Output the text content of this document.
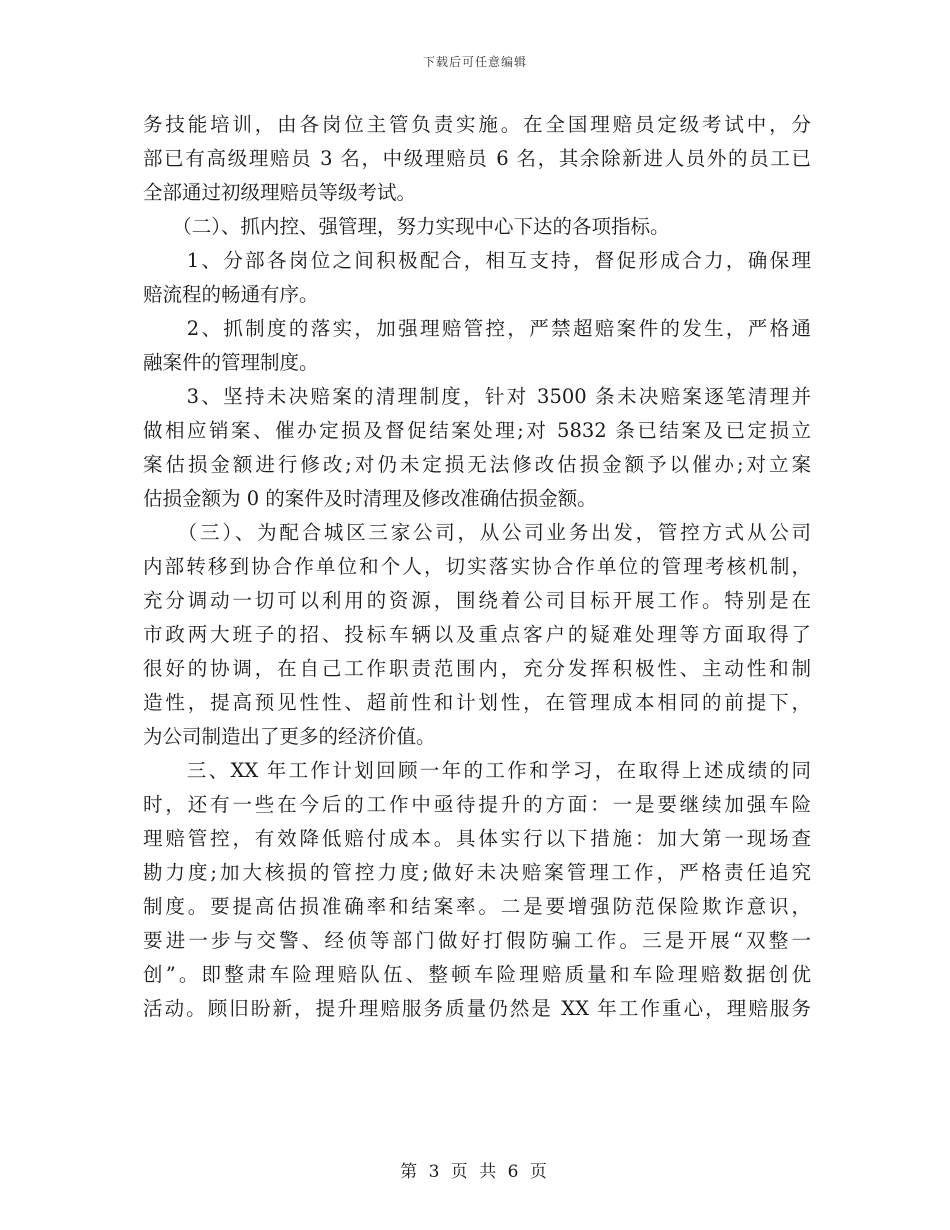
下载后可任意编辑
务技能培训，由各岗位主管负责实施。在全国理赔员定级考试中，分
部已有高级理赔员 3 名，中级理赔员 6 名，其余除新进人员外的员工已
全部通过初级理赔员等级考试。
　　（二）、抓内控、强管理，努力实现中心下达的各项指标。
　　1、分部各岗位之间积极配合，相互支持，督促形成合力，确保理
赔流程的畅通有序。
　　2、抓制度的落实，加强理赔管控，严禁超赔案件的发生，严格通
融案件的管理制度。
　　3、坚持未决赔案的清理制度，针对 3500 条未决赔案逐笔清理并
做相应销案、催办定损及督促结案处理;对 5832 条已结案及已定损立
案估损金额进行修改;对仍未定损无法修改估损金额予以催办;对立案
估损金额为 0 的案件及时清理及修改准确估损金额。
　　（三）、为配合城区三家公司，从公司业务出发，管控方式从公司
内部转移到协合作单位和个人，切实落实协合作单位的管理考核机制，
充分调动一切可以利用的资源，围绕着公司目标开展工作。特别是在
市政两大班子的招、投标车辆以及重点客户的疑难处理等方面取得了
很好的协调，在自己工作职责范围内，充分发挥积极性、主动性和制
造性，提高预见性性、超前性和计划性，在管理成本相同的前提下，
为公司制造出了更多的经济价值。
　　三、XX 年工作计划回顾一年的工作和学习，在取得上述成绩的同
时，还有一些在今后的工作中亟待提升的方面：一是要继续加强车险
理赔管控，有效降低赔付成本。具体实行以下措施：加大第一现场查
勘力度;加大核损的管控力度;做好未决赔案管理工作，严格责任追究
制度。要提高估损准确率和结案率。二是要增强防范保险欺诈意识，
要进一步与交警、经侦等部门做好打假防骗工作。三是开展“双整一
创”。即整肃车险理赔队伍、整顿车险理赔质量和车险理赔数据创优
活动。顾旧盼新，提升理赔服务质量仍然是 XX 年工作重心，理赔服务
第 3 页 共 6 页
